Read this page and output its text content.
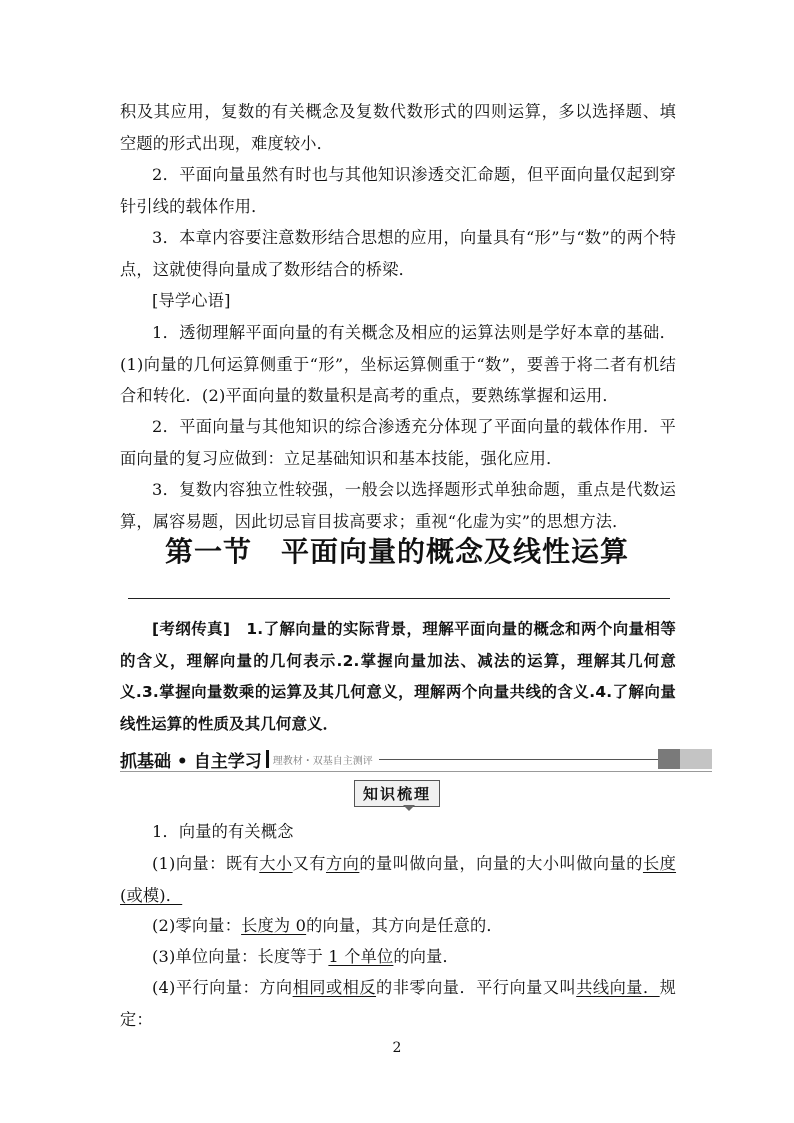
积及其应用，复数的有关概念及复数代数形式的四则运算，多以选择题、填空题的形式出现，难度较小．
2．平面向量虽然有时也与其他知识渗透交汇命题，但平面向量仅起到穿针引线的载体作用．
3．本章内容要注意数形结合思想的应用，向量具有“形”与“数”的两个特点，这就使得向量成了数形结合的桥梁．
[导学心语]
1．透彻理解平面向量的有关概念及相应的运算法则是学好本章的基础．(1)向量的几何运算侧重于“形”，坐标运算侧重于“数”，要善于将二者有机结合和转化．(2)平面向量的数量积是高考的重点，要熟练掌握和运用．
2．平面向量与其他知识的综合渗透充分体现了平面向量的载体作用．平面向量的复习应做到：立足基础知识和基本技能，强化应用．
3．复数内容独立性较强，一般会以选择题形式单独命题，重点是代数运算，属容易题，因此切忌盲目拔高要求；重视“化虚为实”的思想方法．
第一节　平面向量的概念及线性运算
[考纲传真]　1.了解向量的实际背景，理解平面向量的概念和两个向量相等的含义，理解向量的几何表示.2.掌握向量加法、减法的运算，理解其几何意义.3.掌握向量数乘的运算及其几何意义，理解两个向量共线的含义.4.了解向量线性运算的性质及其几何意义．
抓基础 • 自主学习 理教材・双基自主测评
知识梳理
1．向量的有关概念
(1)向量：既有大小又有方向的量叫做向量，向量的大小叫做向量的长度(或模)．
(2)零向量：长度为 0的向量，其方向是任意的．
(3)单位向量：长度等于 1 个单位的向量．
(4)平行向量：方向相同或相反的非零向量．平行向量又叫共线向量．规定：
2
